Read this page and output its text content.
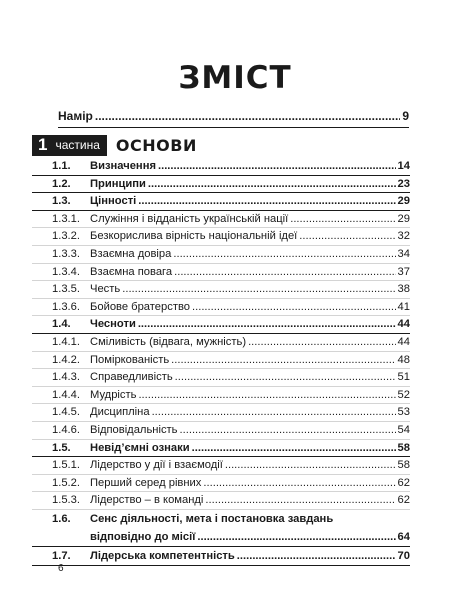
ЗМІСТ
Намір .....	9
1 частина ОСНОВИ
1.1.	Визначення .....	14
1.2.	Принципи .....	23
1.3.	Цінності .....	29
1.3.1. Служіння і відданість українській нації .....	29
1.3.2. Безкорислива вірність національній ідеї .....	32
1.3.3. Взаємна довіра .....	34
1.3.4. Взаємна повага .....	37
1.3.5. Честь .....	38
1.3.6. Бойове братерство .....	41
1.4.	Чесноти .....	44
1.4.1. Сміливість (відвага, мужність) .....	44
1.4.2. Поміркованість .....	48
1.4.3. Справедливість .....	51
1.4.4. Мудрість .....	52
1.4.5. Дисципліна .....	53
1.4.6. Відповідальність .....	54
1.5.	Невід’ємні ознаки .....	58
1.5.1. Лідерство у дії і взаємодії .....	58
1.5.2. Перший серед рівних .....	62
1.5.3. Лідерство – в команді .....	62
1.6.	Сенс діяльності, мета і постановка завдань
відповідно до місії .....	64
1.7.	Лідерська компетентність .....	70
6
